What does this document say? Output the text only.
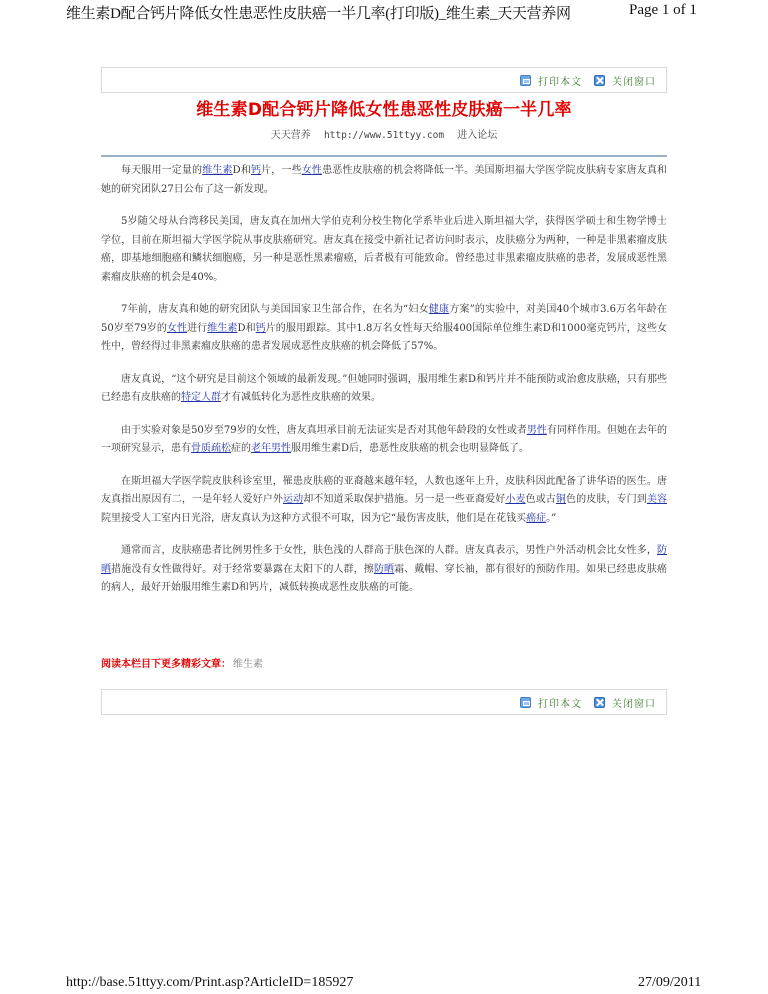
维生素D配合钙片降低女性患恶性皮肤癌一半几率(打印版)_维生素_天天营养网	Page 1 of 1
打印本文	关闭窗口
维生素D配合钙片降低女性患恶性皮肤癌一半几率
天天营养 http://www.51ttyy.com 进入论坛

每天服用一定量的维生素D和钙片，一些女性患恶性皮肤癌的机会将降低一半。美国斯坦福大学医学院皮肤病专家唐友真和她的研究团队27日公布了这一新发现。

5岁随父母从台湾移民美国，唐友真在加州大学伯克利分校生物化学系毕业后进入斯坦福大学，获得医学硕士和生物学博士学位，目前在斯坦福大学医学院从事皮肤癌研究。唐友真在接受中新社记者访问时表示，皮肤癌分为两种，一种是非黑素瘤皮肤癌，即基地细胞癌和鳞状细胞癌，另一种是恶性黑素瘤癌，后者极有可能致命。曾经患过非黑素瘤皮肤癌的患者，发展成恶性黑素瘤皮肤癌的机会是40%。

7年前，唐友真和她的研究团队与美国国家卫生部合作，在名为“妇女健康方案”的实验中，对美国40个城市3.6万名年龄在50岁至79岁的女性进行维生素D和钙片的服用跟踪。其中1.8万名女性每天给服400国际单位维生素D和1000毫克钙片，这些女性中，曾经得过非黑素瘤皮肤癌的患者发展成恶性皮肤癌的机会降低了57%。

唐友真说，“这个研究是目前这个领域的最新发现。”但她同时强调，服用维生素D和钙片并不能预防或治愈皮肤癌，只有那些已经患有皮肤癌的特定人群才有减低转化为恶性皮肤癌的效果。

由于实验对象是50岁至79岁的女性，唐友真坦承目前无法证实是否对其他年龄段的女性或者男性有同样作用。但她在去年的一项研究显示，患有骨质疏松症的老年男性服用维生素D后，患恶性皮肤癌的机会也明显降低了。

在斯坦福大学医学院皮肤科诊室里，罹患皮肤癌的亚裔越来越年轻，人数也逐年上升，皮肤科因此配备了讲华语的医生。唐友真指出原因有二，一是年轻人爱好户外运动却不知道采取保护措施。另一是一些亚裔爱好小麦色或古铜色的皮肤，专门到美容院里接受人工室内日光浴，唐友真认为这种方式很不可取，因为它“最伤害皮肤，他们是在花钱买癌症。”

通常而言，皮肤癌患者比例男性多于女性，肤色浅的人群高于肤色深的人群。唐友真表示，男性户外活动机会比女性多，防晒措施没有女性做得好。对于经常要暴露在太阳下的人群，擦防晒霜、戴帽、穿长袖，都有很好的预防作用。如果已经患皮肤癌的病人，最好开始服用维生素D和钙片，减低转换成恶性皮肤癌的可能。

阅读本栏目下更多精彩文章： 维生素
打印本文	关闭窗口
http://base.51ttyy.com/Print.asp?ArticleID=185927	27/09/2011
